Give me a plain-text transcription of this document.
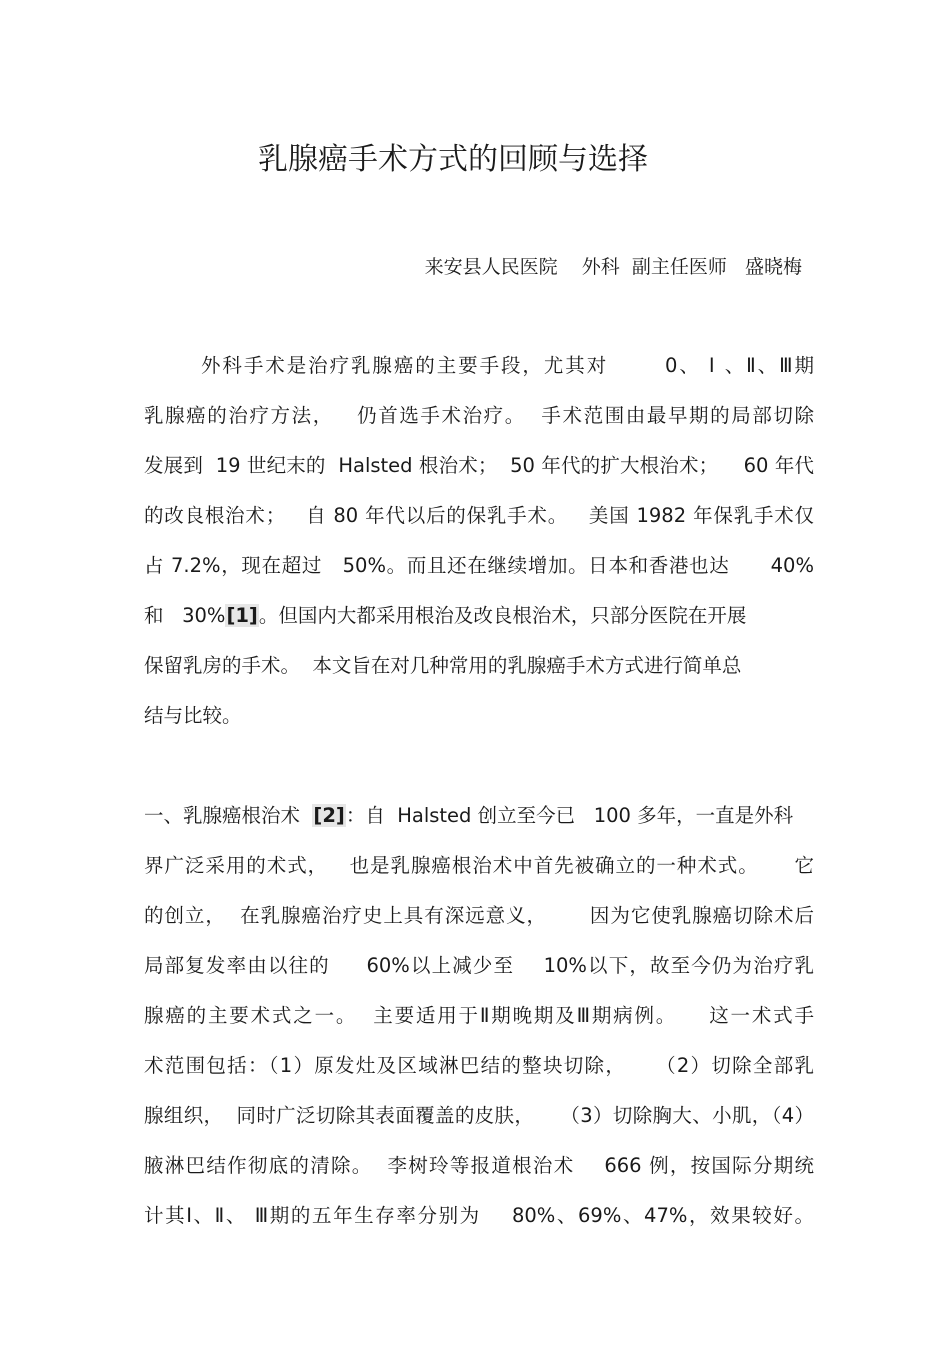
乳腺癌手术方式的回顾与选择

来安县人民医院    外科  副主任医师   盛晓梅

外科手术是治疗乳腺癌的主要手段，尤其对       0、 Ⅰ 、Ⅱ、Ⅲ期
乳腺癌的治疗方法，   仍首选手术治疗。  手术范围由最早期的局部切除
发展到  19 世纪末的  Halsted 根治术；  50 年代的扩大根治术；    60 年代
的改良根治术；   自 80 年代以后的保乳手术。   美国 1982 年保乳手术仅
占 7.2%，现在超过   50%。而且还在继续增加。日本和香港也达      40%
和   30%[1]。但国内大都采用根治及改良根治术，只部分医院在开展
保留乳房的手术。  本文旨在对几种常用的乳腺癌手术方式进行简单总
结与比较。
一、乳腺癌根治术  [2]：自  Halsted 创立至今已   100 多年，一直是外科
界广泛采用的术式，   也是乳腺癌根治术中首先被确立的一种术式。     它
的创立，  在乳腺癌治疗史上具有深远意义，      因为它使乳腺癌切除术后
局部复发率由以往的     60%以上减少至    10%以下，故至今仍为治疗乳
腺癌的主要术式之一。  主要适用于Ⅱ期晚期及Ⅲ期病例。    这一术式手
术范围包括：（1）原发灶及区域淋巴结的整块切除，    （2）切除全部乳
腺组织，  同时广泛切除其表面覆盖的皮肤，    （3）切除胸大、小肌，（4）
腋淋巴结作彻底的清除。  李树玲等报道根治术    666 例，按国际分期统
计其Ⅰ、Ⅱ、 Ⅲ期的五年生存率分别为    80%、69%、47%，效果较好。
